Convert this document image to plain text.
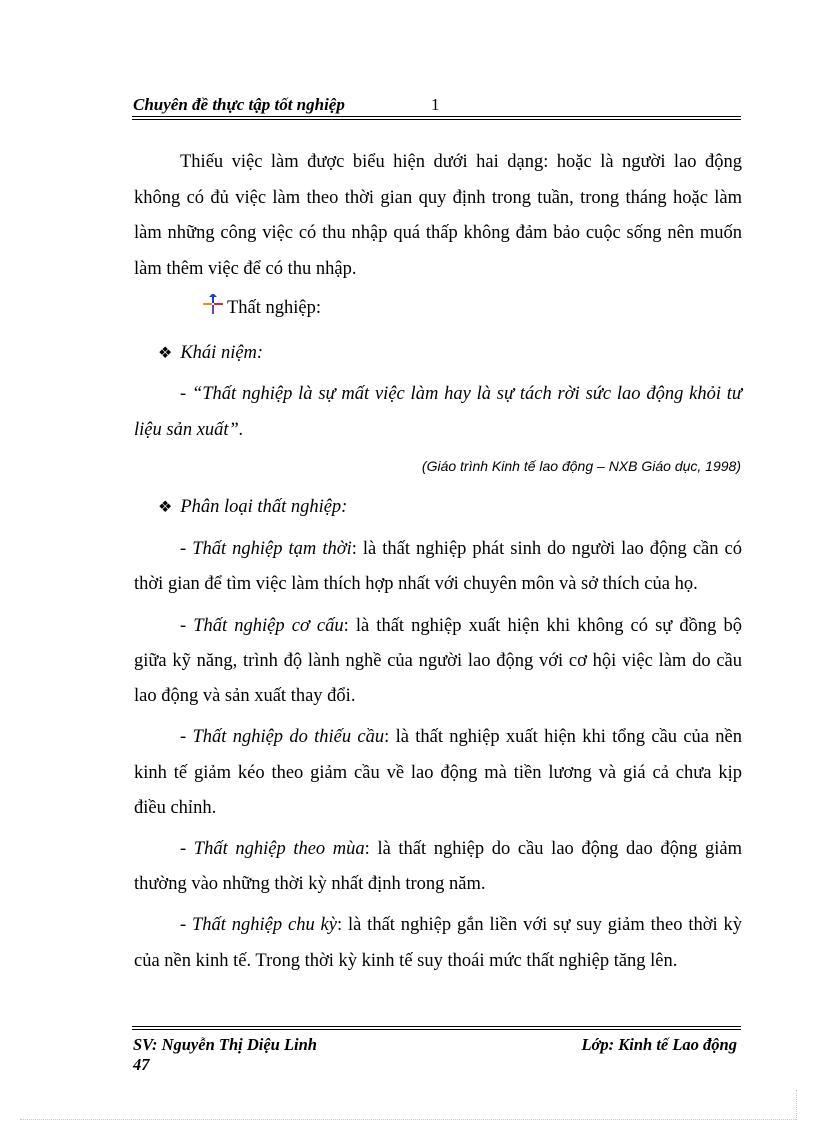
Chuyên đề thực tập tốt nghiệp	1
Thiếu việc làm được biểu hiện dưới hai dạng: hoặc là người lao động
không có đủ việc làm theo thời gian quy định trong tuần, trong tháng hoặc làm
làm những công việc có thu nhập quá thấp không đảm bảo cuộc sống nên muốn
làm thêm việc để có thu nhập.
Thất nghiệp:
❖ Khái niệm:
- “Thất nghiệp là sự mất việc làm hay là sự tách rời sức lao động khỏi tư
liệu sản xuất”.
(Giáo trình Kinh tế lao động – NXB Giáo dục, 1998)
❖ Phân loại thất nghiệp:
- Thất nghiệp tạm thời: là thất nghiệp phát sinh do người lao động cần có
thời gian để tìm việc làm thích hợp nhất với chuyên môn và sở thích của họ.
- Thất nghiệp cơ cấu: là thất nghiệp xuất hiện khi không có sự đồng bộ
giữa kỹ năng, trình độ lành nghề của người lao động với cơ hội việc làm do cầu
lao động và sản xuất thay đổi.
- Thất nghiệp do thiếu cầu: là thất nghiệp xuất hiện khi tổng cầu của nền
kinh tế giảm kéo theo giảm cầu về lao động mà tiền lương và giá cả chưa kịp
điều chỉnh.
- Thất nghiệp theo mùa: là thất nghiệp do cầu lao động dao động giảm
thường vào những thời kỳ nhất định trong năm.
- Thất nghiệp chu kỳ: là thất nghiệp gắn liền với sự suy giảm theo thời kỳ
của nền kinh tế. Trong thời kỳ kinh tế suy thoái mức thất nghiệp tăng lên.
SV: Nguyễn Thị Diệu Linh
47
Lớp: Kinh tế Lao động
